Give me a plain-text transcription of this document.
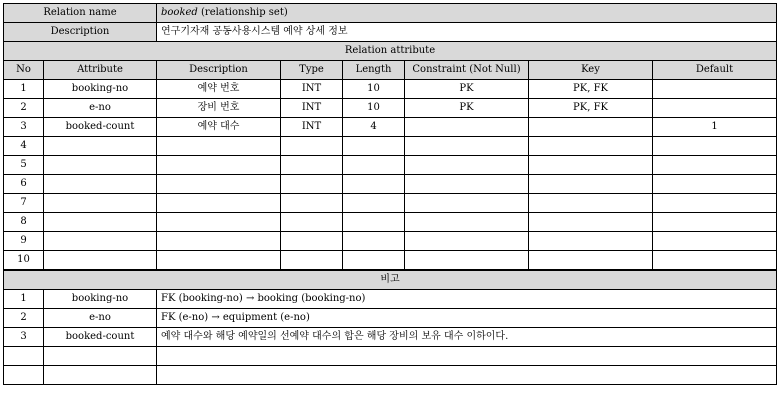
Relation name		booked (relationship set)					
Description		연구기자재 공동사용시스템 예약 상세 정보					
Relation attribute							
No	Attribute	Description	Type	Length	Constraint (Not Null)	Key	Default
1	booking-no	예약 번호	INT	10	PK	PK, FK	
2	e-no	장비 번호	INT	10	PK	PK, FK	
3	booked-count	예약 대수	INT	4			1
4							
5							
6							
7							
8							
9							
10							
비고							
1	booking-no	FK (booking-no) → booking (booking-no)					
2	e-no	FK (e-no) → equipment (e-no)					
3	booked-count	예약 대수와 해당 예약일의 선예약 대수의 합은 해당 장비의 보유 대수 이하이다.					
